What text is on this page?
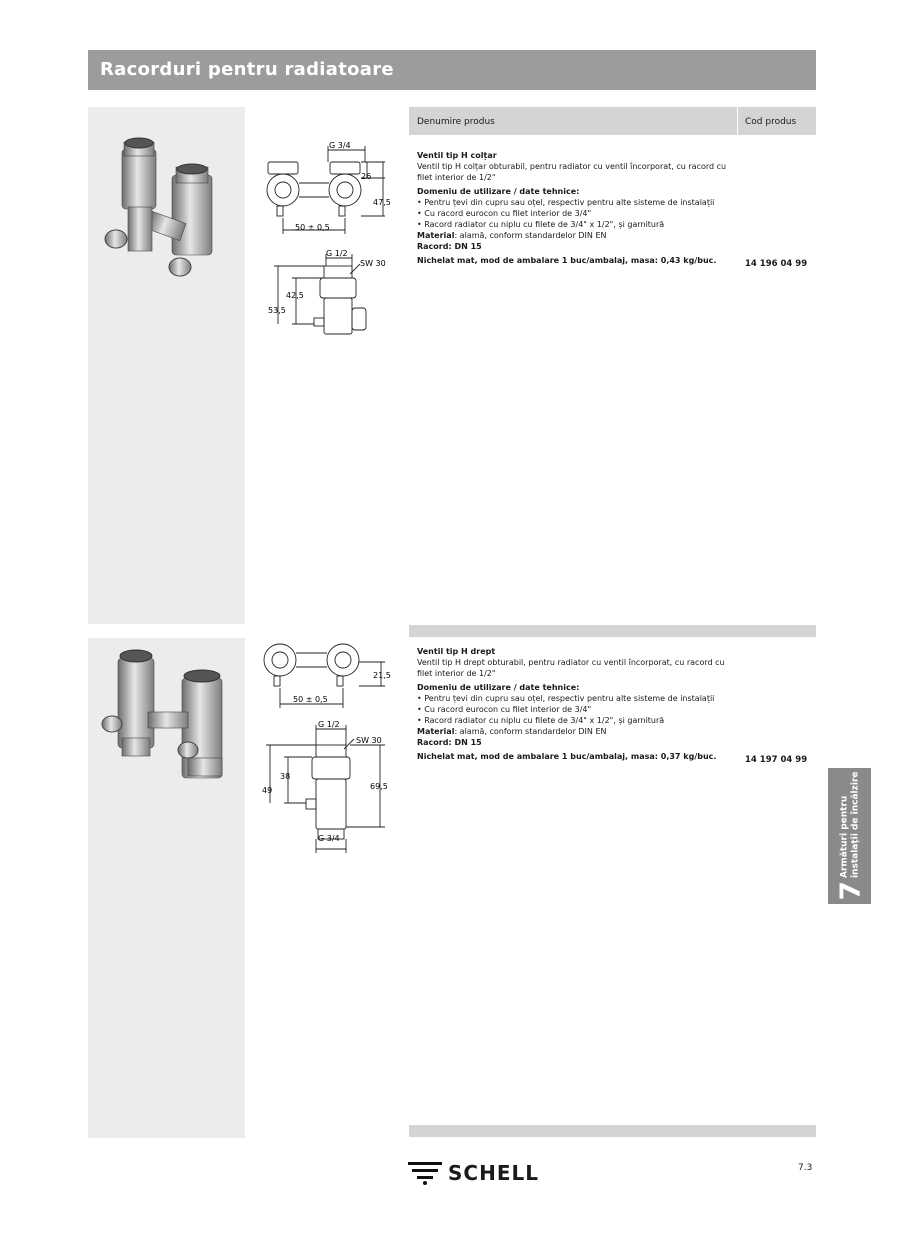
Racorduri pentru radiatoare
G 3/4
26
47,5
50 ± 0,5
G 1/2
SW 30
42,5
53,5
21,5
50 ± 0,5
G 1/2
SW 30
38
49	69,5
G 3/4
Denumire produs	Cod produs
Ventil tip H colțar
Ventil tip H colțar obturabil, pentru radiator cu ventil încorporat, cu racord cu filet interior de 1/2"
Domeniu de utilizare / date tehnice:
• Pentru țevi din cupru sau oțel, respectiv pentru alte sisteme de instalații
• Cu racord eurocon cu filet interior de 3/4"
• Racord radiator cu niplu cu filete de 3/4" x 1/2", și garnitură
Material: alamă, conform standardelor DIN EN
Racord: DN 15
Nichelat mat, mod de ambalare 1 buc/ambalaj, masa: 0,43 kg/buc.	14 196 04 99
Ventil tip H drept
Ventil tip H drept obturabil, pentru radiator cu ventil încorporat, cu racord cu filet interior de 1/2"
Domeniu de utilizare / date tehnice:
• Pentru țevi din cupru sau oțel, respectiv pentru alte sisteme de instalații
• Cu racord eurocon cu filet interior de 3/4"
• Racord radiator cu niplu cu filete de 3/4" x 1/2", și garnitură
Material: alamă, conform standardelor DIN EN
Racord: DN 15
Nichelat mat, mod de ambalare 1 buc/ambalaj, masa: 0,37 kg/buc.	14 197 04 99
7
Armături pentru instalații de încălzire
SCHELL	7.3
